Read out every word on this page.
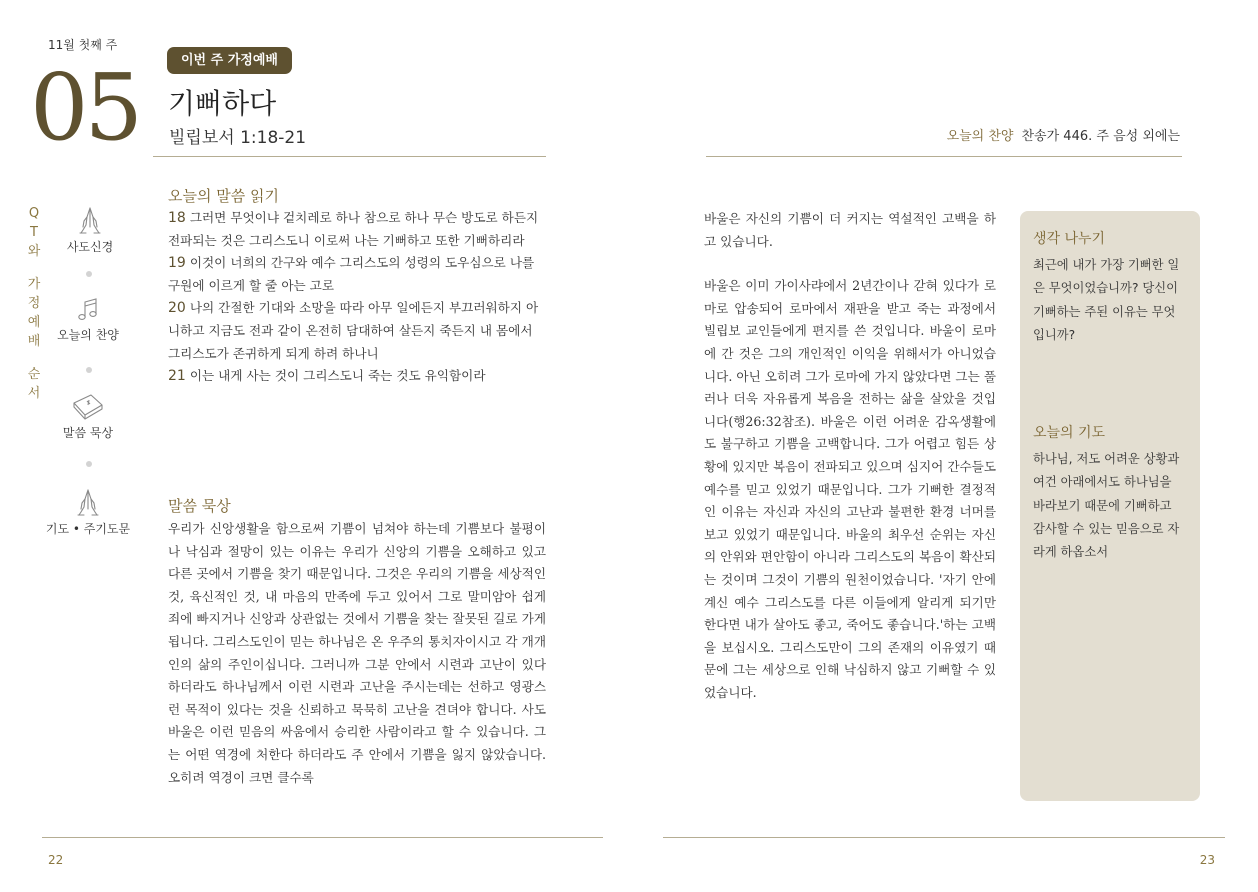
11월 첫째 주
05	이번 주 가정예배
기뻐하다
빌립보서 1:18-21
Q
T
와
가
정
예
배
순
서
사도신경
오늘의 찬양
말씀 묵상
기도 • 주기도문
오늘의 말씀 읽기
18 그러면 무엇이냐 겉치레로 하나 참으로 하나 무슨 방도로 하든지 전파되는 것은 그리스도니 이로써 나는 기뻐하고 또한 기뻐하리라
19 이것이 너희의 간구와 예수 그리스도의 성령의 도우심으로 나를 구원에 이르게 할 줄 아는 고로
20 나의 간절한 기대와 소망을 따라 아무 일에든지 부끄러워하지 아니하고 지금도 전과 같이 온전히 담대하여 살든지 죽든지 내 몸에서 그리스도가 존귀하게 되게 하려 하나니
21 이는 내게 사는 것이 그리스도니 죽는 것도 유익함이라
말씀 묵상
우리가 신앙생활을 함으로써 기쁨이 넘쳐야 하는데 기쁨보다 불평이나 낙심과 절망이 있는 이유는 우리가 신앙의 기쁨을 오해하고 있고 다른 곳에서 기쁨을 찾기 때문입니다. 그것은 우리의 기쁨을 세상적인 것, 육신적인 것, 내 마음의 만족에 두고 있어서 그로 말미암아 쉽게 죄에 빠지거나 신앙과 상관없는 것에서 기쁨을 찾는 잘못된 길로 가게 됩니다. 그리스도인이 믿는 하나님은 온 우주의 통치자이시고 각 개개인의 삶의 주인이십니다. 그러니까 그분 안에서 시련과 고난이 있다 하더라도 하나님께서 이런 시련과 고난을 주시는데는 선하고 영광스런 목적이 있다는 것을 신뢰하고 묵묵히 고난을 견뎌야 합니다. 사도바울은 이런 믿음의 싸움에서 승리한 사람이라고 할 수 있습니다. 그는 어떤 역경에 처한다 하더라도 주 안에서 기쁨을 잃지 않았습니다. 오히려 역경이 크면 클수록
22
오늘의 찬양 찬송가 446. 주 음성 외에는

바울은 자신의 기쁨이 더 커지는 역설적인 고백을 하고 있습니다.

바울은 이미 가이사랴에서 2년간이나 갇혀 있다가 로마로 압송되어 로마에서 재판을 받고 죽는 과정에서 빌립보 교인들에게 편지를 쓴 것입니다. 바울이 로마에 간 것은 그의 개인적인 이익을 위해서가 아니었습니다. 아닌 오히려 그가 로마에 가지 않았다면 그는 풀러나 더욱 자유롭게 복음을 전하는 삶을 살았을 것입니다(행26:32참조). 바울은 이런 어려운 감옥생활에도 불구하고 기쁨을 고백합니다. 그가 어렵고 힘든 상황에 있지만 복음이 전파되고 있으며 심지어 간수들도 예수를 믿고 있었기 때문입니다. 그가 기뻐한 결정적인 이유는 자신과 자신의 고난과 불편한 환경 너머를 보고 있었기 때문입니다. 바울의 최우선 순위는 자신의 안위와 편안함이 아니라 그리스도의 복음이 확산되는 것이며 그것이 기쁨의 원천이었습니다. '자기 안에 계신 예수 그리스도를 다른 이들에게 알리게 되기만 한다면 내가 살아도 좋고, 죽어도 좋습니다.'하는 고백을 보십시오. 그리스도만이 그의 존재의 이유였기 때문에 그는 세상으로 인해 낙심하지 않고 기뻐할 수 있었습니다.

생각 나누기
최근에 내가 가장 기뻐한 일은 무엇이었습니까? 당신이 기뻐하는 주된 이유는 무엇입니까?
오늘의 기도
하나님, 저도 어려운 상황과 여건 아래에서도 하나님을 바라보기 때문에 기뻐하고 감사할 수 있는 믿음으로 자라게 하옵소서
23
